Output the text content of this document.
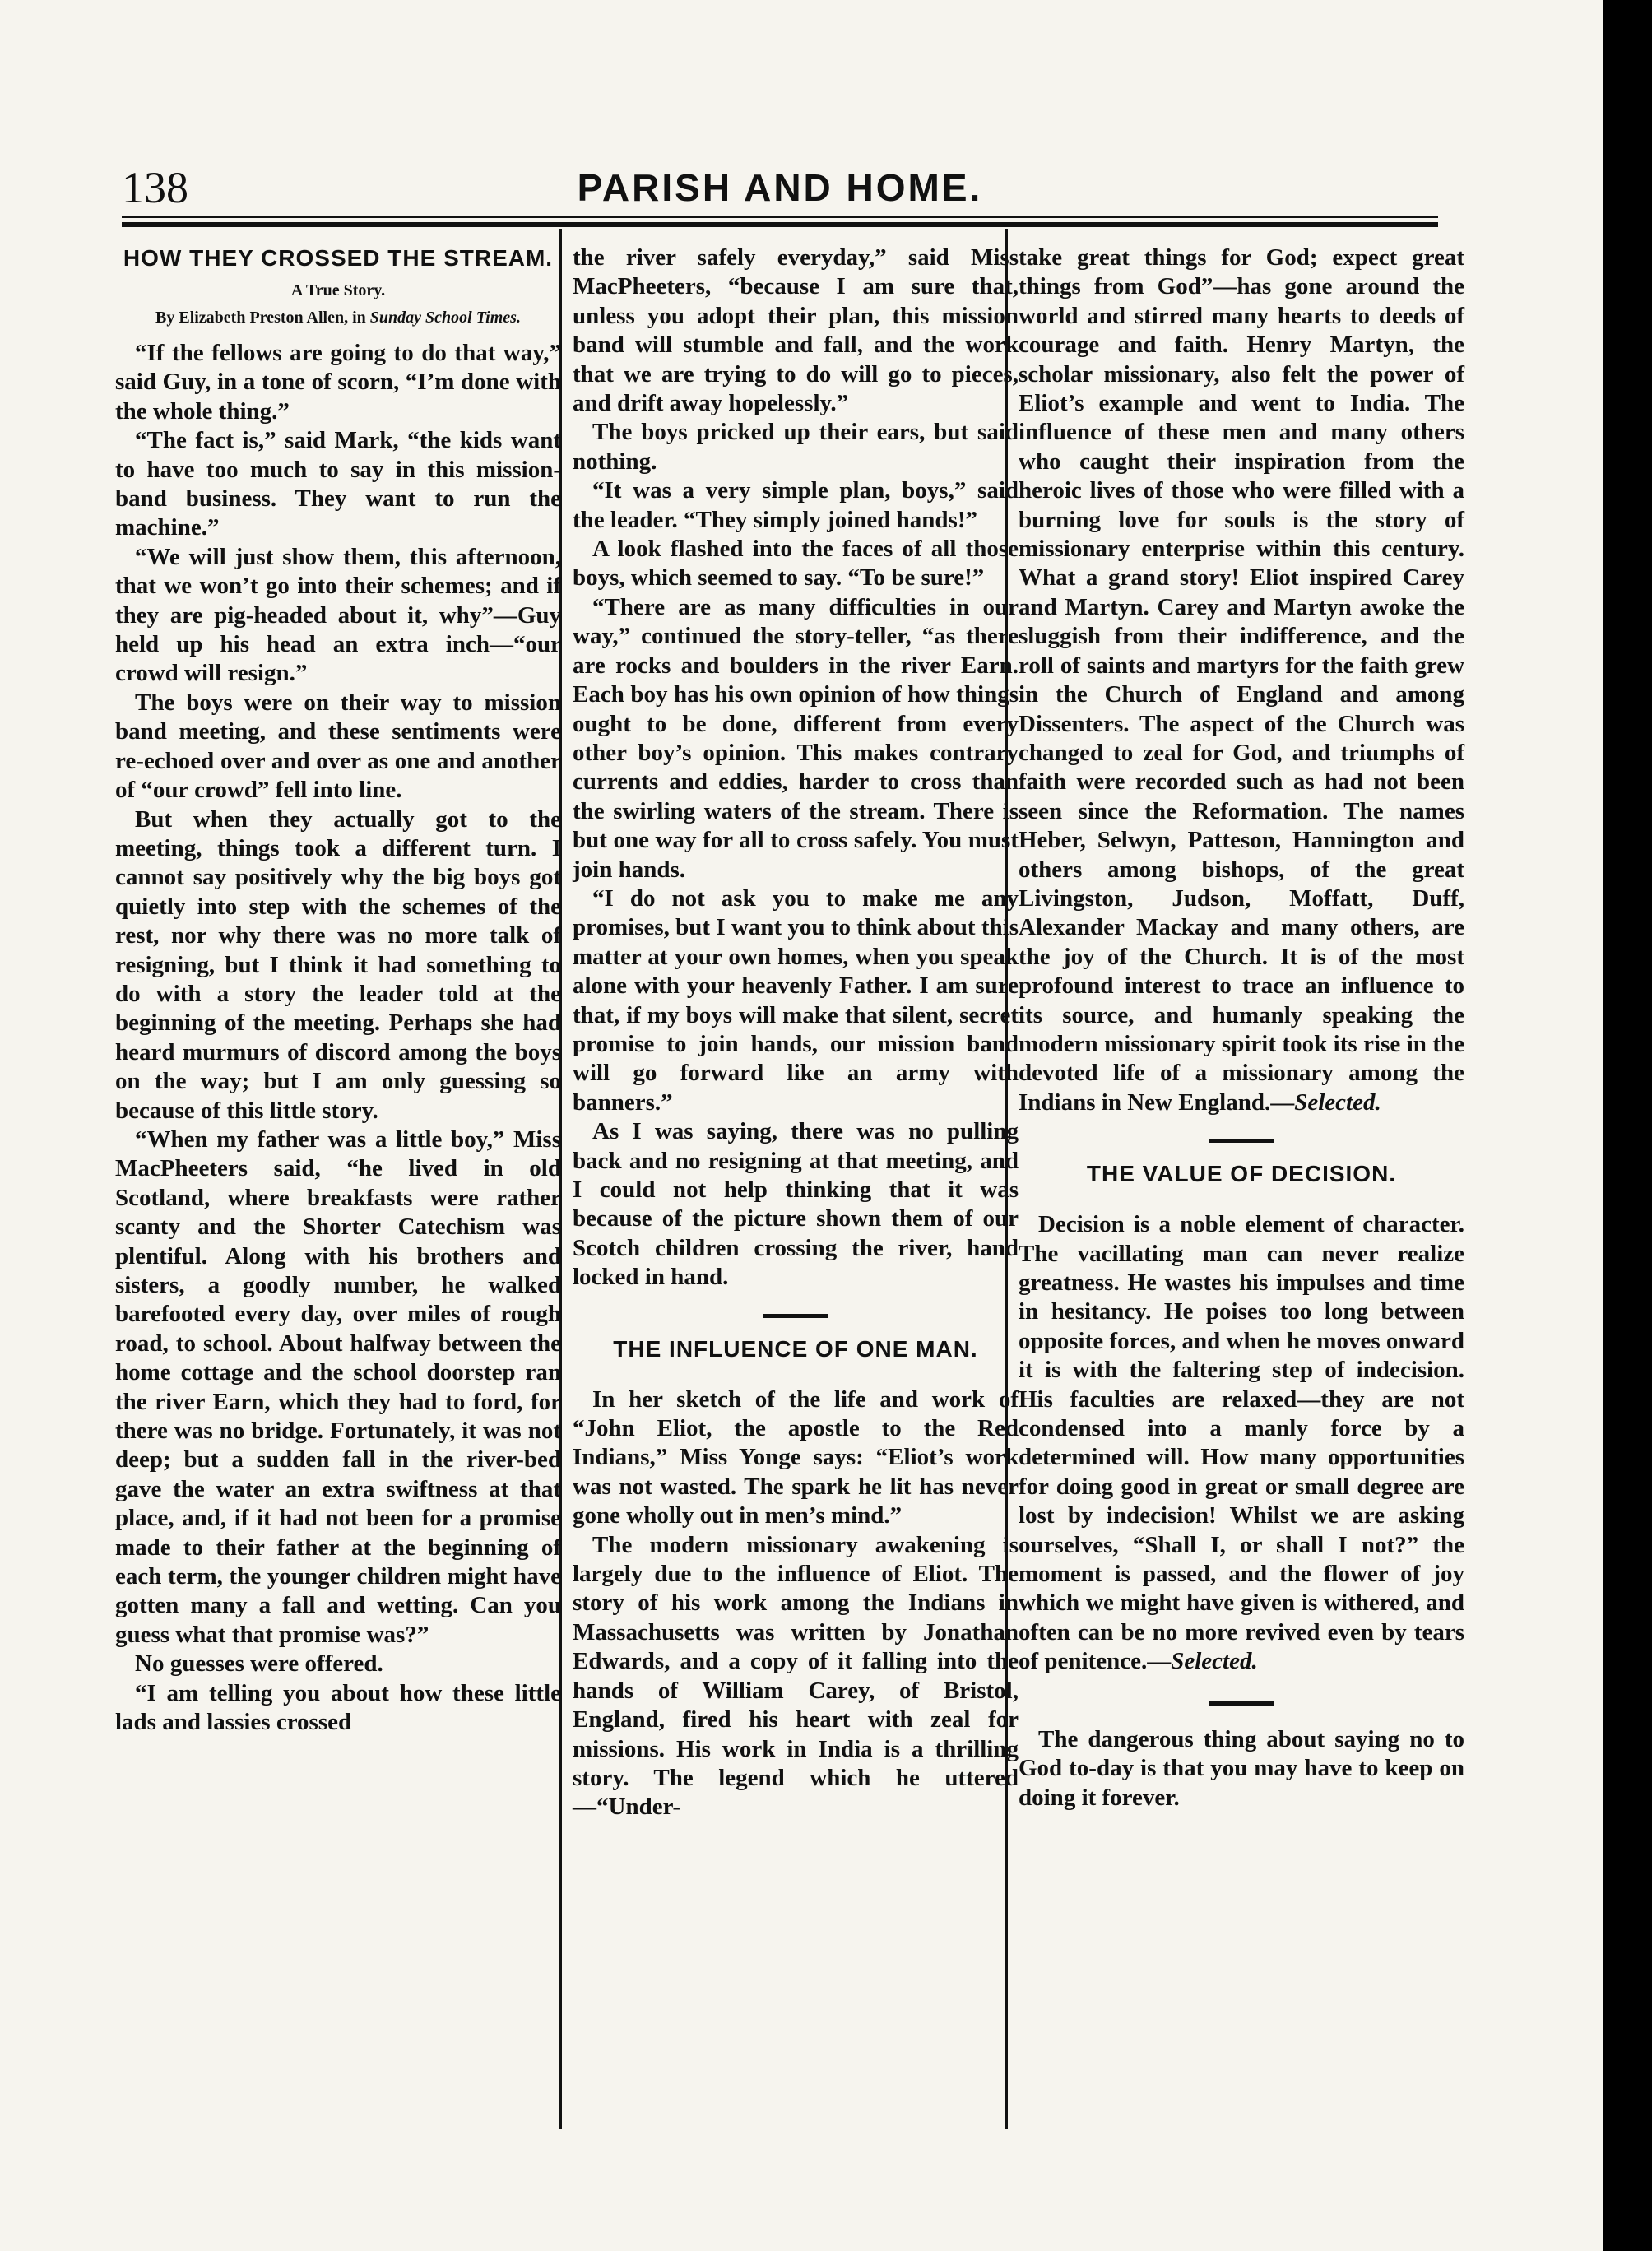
138	PARISH AND HOME.
HOW THEY CROSSED THE STREAM.
A True Story.
By Elizabeth Preston Allen, in Sunday School Times.

“If the fellows are going to do that way,” said Guy, in a tone of scorn, “I’m done with the whole thing.”

“The fact is,” said Mark, “the kids want to have too much to say in this mission-band business. They want to run the machine.”

“We will just show them, this afternoon, that we won’t go into their schemes; and if they are pig-headed about it, why”—Guy held up his head an extra inch—“our crowd will resign.”

The boys were on their way to mission band meeting, and these sentiments were re-echoed over and over as one and another of “our crowd” fell into line.

But when they actually got to the meeting, things took a different turn. I cannot say positively why the big boys got quietly into step with the schemes of the rest, nor why there was no more talk of resigning, but I think it had something to do with a story the leader told at the beginning of the meeting. Perhaps she had heard murmurs of discord among the boys on the way; but I am only guessing so because of this little story.

“When my father was a little boy,” Miss MacPheeters said, “he lived in old Scotland, where breakfasts were rather scanty and the Shorter Catechism was plentiful. Along with his brothers and sisters, a goodly number, he walked barefooted every day, over miles of rough road, to school. About halfway between the home cottage and the school doorstep ran the river Earn, which they had to ford, for there was no bridge. Fortunately, it was not deep; but a sudden fall in the river-bed gave the water an extra swiftness at that place, and, if it had not been for a promise made to their father at the beginning of each term, the younger children might have gotten many a fall and wetting. Can you guess what that promise was?”

No guesses were offered.

“I am telling you about how these little lads and lassies crossed

the river safely everyday,” said Miss MacPheeters, “because I am sure that, unless you adopt their plan, this mission band will stumble and fall, and the work that we are trying to do will go to pieces, and drift away hopelessly.”

The boys pricked up their ears, but said nothing.

“It was a very simple plan, boys,” said the leader. “They simply joined hands!”

A look flashed into the faces of all those boys, which seemed to say. “To be sure!”

“There are as many difficulties in our way,” continued the story-teller, “as there are rocks and boulders in the river Earn. Each boy has his own opinion of how things ought to be done, different from every other boy’s opinion. This makes contrary currents and eddies, harder to cross than the swirling waters of the stream. There is but one way for all to cross safely. You must join hands.

“I do not ask you to make me any promises, but I want you to think about this matter at your own homes, when you speak alone with your heavenly Father. I am sure that, if my boys will make that silent, secret promise to join hands, our mission band will go forward like an army with banners.”

As I was saying, there was no pulling back and no resigning at that meeting, and I could not help thinking that it was because of the picture shown them of our Scotch children crossing the river, hand locked in hand.

THE INFLUENCE OF ONE MAN.

In her sketch of the life and work of “John Eliot, the apostle to the Red Indians,” Miss Yonge says: “Eliot’s work was not wasted. The spark he lit has never gone wholly out in men’s mind.”

The modern missionary awakening is largely due to the influence of Eliot. The story of his work among the Indians in Massachusetts was written by Jonathan Edwards, and a copy of it falling into the hands of William Carey, of Bristol, England, fired his heart with zeal for missions. His work in India is a thrilling story. The legend which he uttered—“Under-

take great things for God; expect great things from God”—has gone around the world and stirred many hearts to deeds of courage and faith. Henry Martyn, the scholar missionary, also felt the power of Eliot’s example and went to India. The influence of these men and many others who caught their inspiration from the heroic lives of those who were filled with a burning love for souls is the story of missionary enterprise within this century. What a grand story! Eliot inspired Carey and Martyn. Carey and Martyn awoke the sluggish from their indifference, and the roll of saints and martyrs for the faith grew in the Church of England and among Dissenters. The aspect of the Church was changed to zeal for God, and triumphs of faith were recorded such as had not been seen since the Reformation. The names Heber, Selwyn, Patteson, Hannington and others among bishops, of the great Livingston, Judson, Moffatt, Duff, Alexander Mackay and many others, are the joy of the Church. It is of the most profound interest to trace an influence to its source, and humanly speaking the modern missionary spirit took its rise in the devoted life of a missionary among the Indians in New England.—Selected.

THE VALUE OF DECISION.

Decision is a noble element of character. The vacillating man can never realize greatness. He wastes his impulses and time in hesitancy. He poises too long between opposite forces, and when he moves onward it is with the faltering step of indecision. His faculties are relaxed—they are not condensed into a manly force by a determined will. How many opportunities for doing good in great or small degree are lost by indecision! Whilst we are asking ourselves, “Shall I, or shall I not?” the moment is passed, and the flower of joy which we might have given is withered, and often can be no more revived even by tears of penitence.—Selected.

The dangerous thing about saying no to God to-day is that you may have to keep on doing it forever.
